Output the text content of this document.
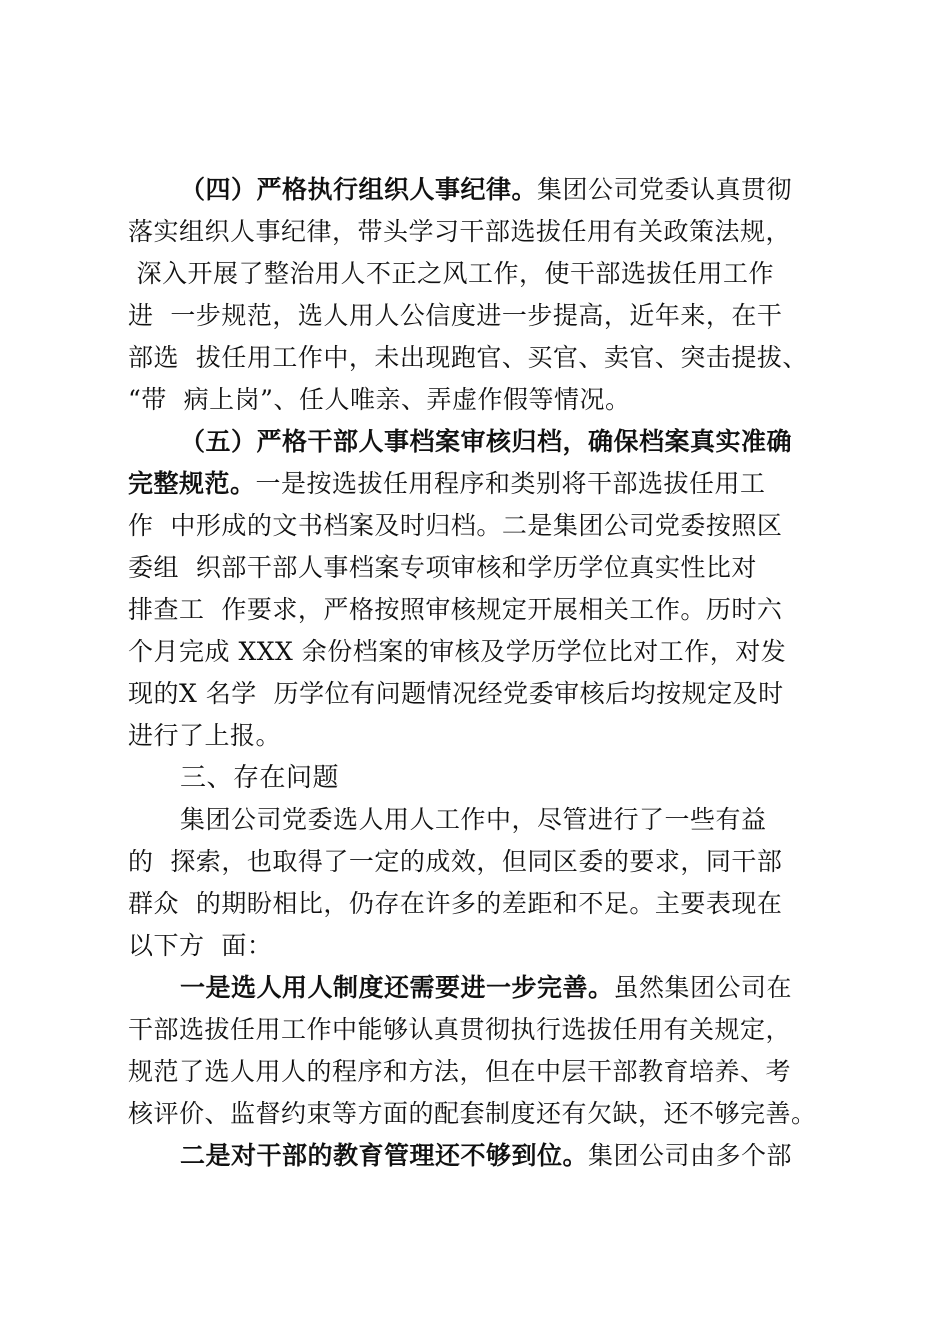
（四）严格执行组织人事纪律。集团公司党委认真贯彻
落实组织人事纪律，带头学习干部选拔任用有关政策法规，
深入开展了整治用人不正之风工作，使干部选拔任用工作
进  一步规范，选人用人公信度进一步提高，近年来，在干
部选  拔任用工作中，未出现跑官、买官、卖官、突击提拔、
“带  病上岗”、任人唯亲、弄虚作假等情况。
（五）严格干部人事档案审核归档，确保档案真实准确
完整规范。一是按选拔任用程序和类别将干部选拔任用工
作  中形成的文书档案及时归档。二是集团公司党委按照区
委组  织部干部人事档案专项审核和学历学位真实性比对
排查工  作要求，严格按照审核规定开展相关工作。历时六
个月完成 XXX 余份档案的审核及学历学位比对工作，对发
现的X 名学  历学位有问题情况经党委审核后均按规定及时
进行了上报。
三、存在问题
集团公司党委选人用人工作中，尽管进行了一些有益
的  探索，也取得了一定的成效，但同区委的要求，同干部
群众  的期盼相比，仍存在许多的差距和不足。主要表现在
以下方  面：
一是选人用人制度还需要进一步完善。虽然集团公司在
干部选拔任用工作中能够认真贯彻执行选拔任用有关规定，
规范了选人用人的程序和方法，但在中层干部教育培养、考
核评价、监督约束等方面的配套制度还有欠缺，还不够完善。
二是对干部的教育管理还不够到位。集团公司由多个部
